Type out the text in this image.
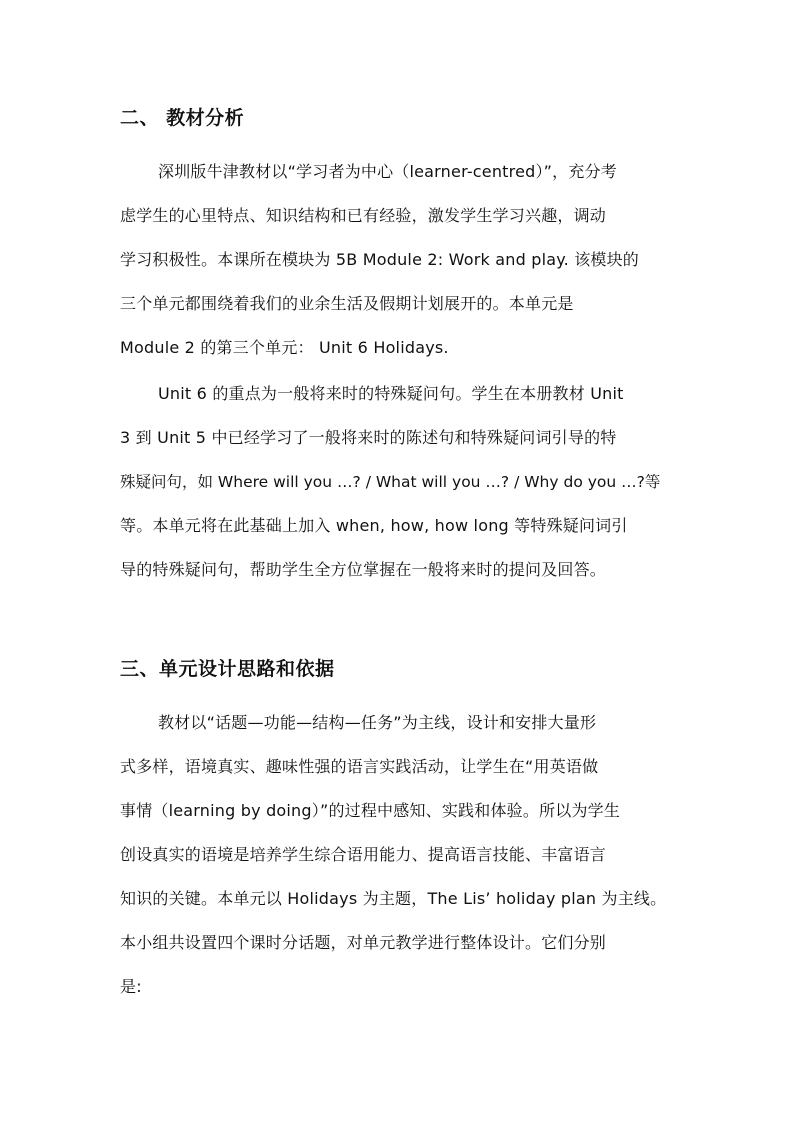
二、 教材分析
深圳版牛津教材以“学习者为中心（learner-centred）”，充分考
虑学生的心里特点、知识结构和已有经验，激发学生学习兴趣，调动
学习积极性。本课所在模块为 5B Module 2: Work and play. 该模块的
三个单元都围绕着我们的业余生活及假期计划展开的。本单元是
Module 2 的第三个单元： Unit 6 Holidays.
Unit 6 的重点为一般将来时的特殊疑问句。学生在本册教材 Unit
3 到 Unit 5 中已经学习了一般将来时的陈述句和特殊疑问词引导的特
殊疑问句，如 Where will you …? / What will you …? / Why do you …?等
等。本单元将在此基础上加入 when, how, how long 等特殊疑问词引
导的特殊疑问句，帮助学生全方位掌握在一般将来时的提问及回答。
三、单元设计思路和依据
教材以“话题—功能—结构—任务”为主线，设计和安排大量形
式多样，语境真实、趣味性强的语言实践活动，让学生在“用英语做
事情（learning by doing）”的过程中感知、实践和体验。所以为学生
创设真实的语境是培养学生综合语用能力、提高语言技能、丰富语言
知识的关键。本单元以 Holidays 为主题，The Lis’ holiday plan 为主线。
本小组共设置四个课时分话题，对单元教学进行整体设计。它们分别
是:
